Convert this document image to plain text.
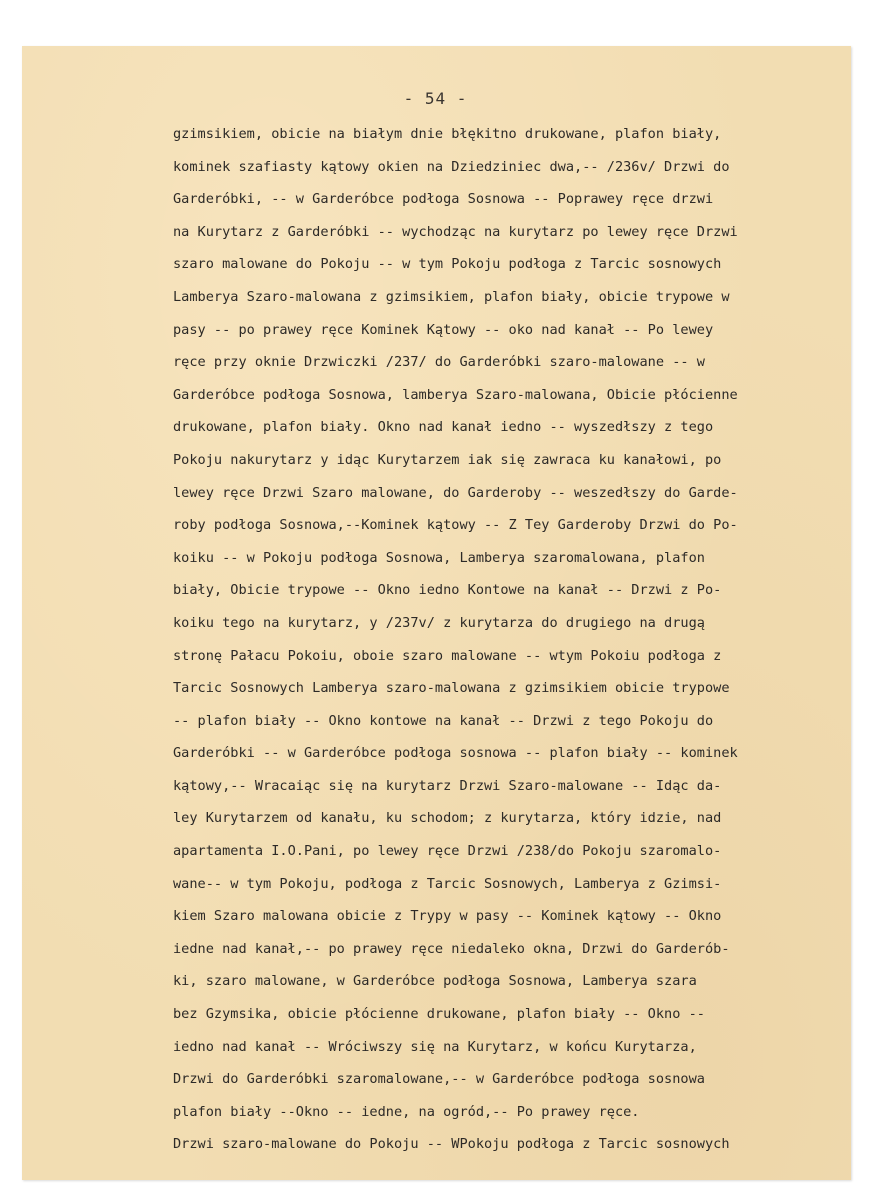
- 54 -
gzimsikiem, obicie na białym dnie błękitno drukowane, plafon biały,
kominek szafiasty kątowy okien na Dziedziniec dwa,-- /236v/ Drzwi do
Garderóbki, -- w Garderóbce podłoga Sosnowa -- Poprawey ręce drzwi
na Kurytarz z Garderóbki -- wychodząc na kurytarz po lewey ręce Drzwi
szaro malowane do Pokoju -- w tym Pokoju podłoga z Tarcic sosnowych
Lamberya Szaro-malowana z gzimsikiem, plafon biały, obicie trypowe w
pasy -- po prawey ręce Kominek Kątowy -- oko nad kanał -- Po lewey
ręce przy oknie Drzwiczki /237/ do Garderóbki szaro-malowane -- w
Garderóbce podłoga Sosnowa, lamberya Szaro-malowana, Obicie płócienne
drukowane, plafon biały. Okno nad kanał iedno -- wyszedłszy z tego
Pokoju nakurytarz y idąc Kurytarzem iak się zawraca ku kanałowi, po
lewey ręce Drzwi Szaro malowane, do Garderoby -- weszedłszy do Garde-
roby podłoga Sosnowa,--Kominek kątowy -- Z Tey Garderoby Drzwi do Po-
koiku -- w Pokoju podłoga Sosnowa, Lamberya szaromalowana, plafon
biały, Obicie trypowe -- Okno iedno Kontowe na kanał -- Drzwi z Po-
koiku tego na kurytarz, y /237v/ z kurytarza do drugiego na drugą
stronę Pałacu Pokoiu, oboie szaro malowane -- wtym Pokoiu podłoga z
Tarcic Sosnowych Lamberya szaro-malowana z gzimsikiem obicie trypowe
-- plafon biały -- Okno kontowe na kanał -- Drzwi z tego Pokoju do
Garderóbki -- w Garderóbce podłoga sosnowa -- plafon biały -- kominek
kątowy,-- Wracaiąc się na kurytarz Drzwi Szaro-malowane -- Idąc da-
ley Kurytarzem od kanału, ku schodom; z kurytarza, który idzie, nad
apartamenta I.O.Pani, po lewey ręce Drzwi /238/do Pokoju szaromalo-
wane-- w tym Pokoju, podłoga z Tarcic Sosnowych, Lamberya z Gzimsi-
kiem Szaro malowana obicie z Trypy w pasy -- Kominek kątowy -- Okno
iedne nad kanał,-- po prawey ręce niedaleko okna, Drzwi do Garderób-
ki, szaro malowane, w Garderóbce podłoga Sosnowa, Lamberya szara
bez Gzymsika, obicie płócienne drukowane, plafon biały -- Okno --
iedno nad kanał -- Wróciwszy się na Kurytarz, w końcu Kurytarza,
Drzwi do Garderóbki szaromalowane,-- w Garderóbce podłoga sosnowa
plafon biały --Okno -- iedne, na ogród,-- Po prawey ręce.
Drzwi szaro-malowane do Pokoju -- WPokoju podłoga z Tarcic sosnowych
